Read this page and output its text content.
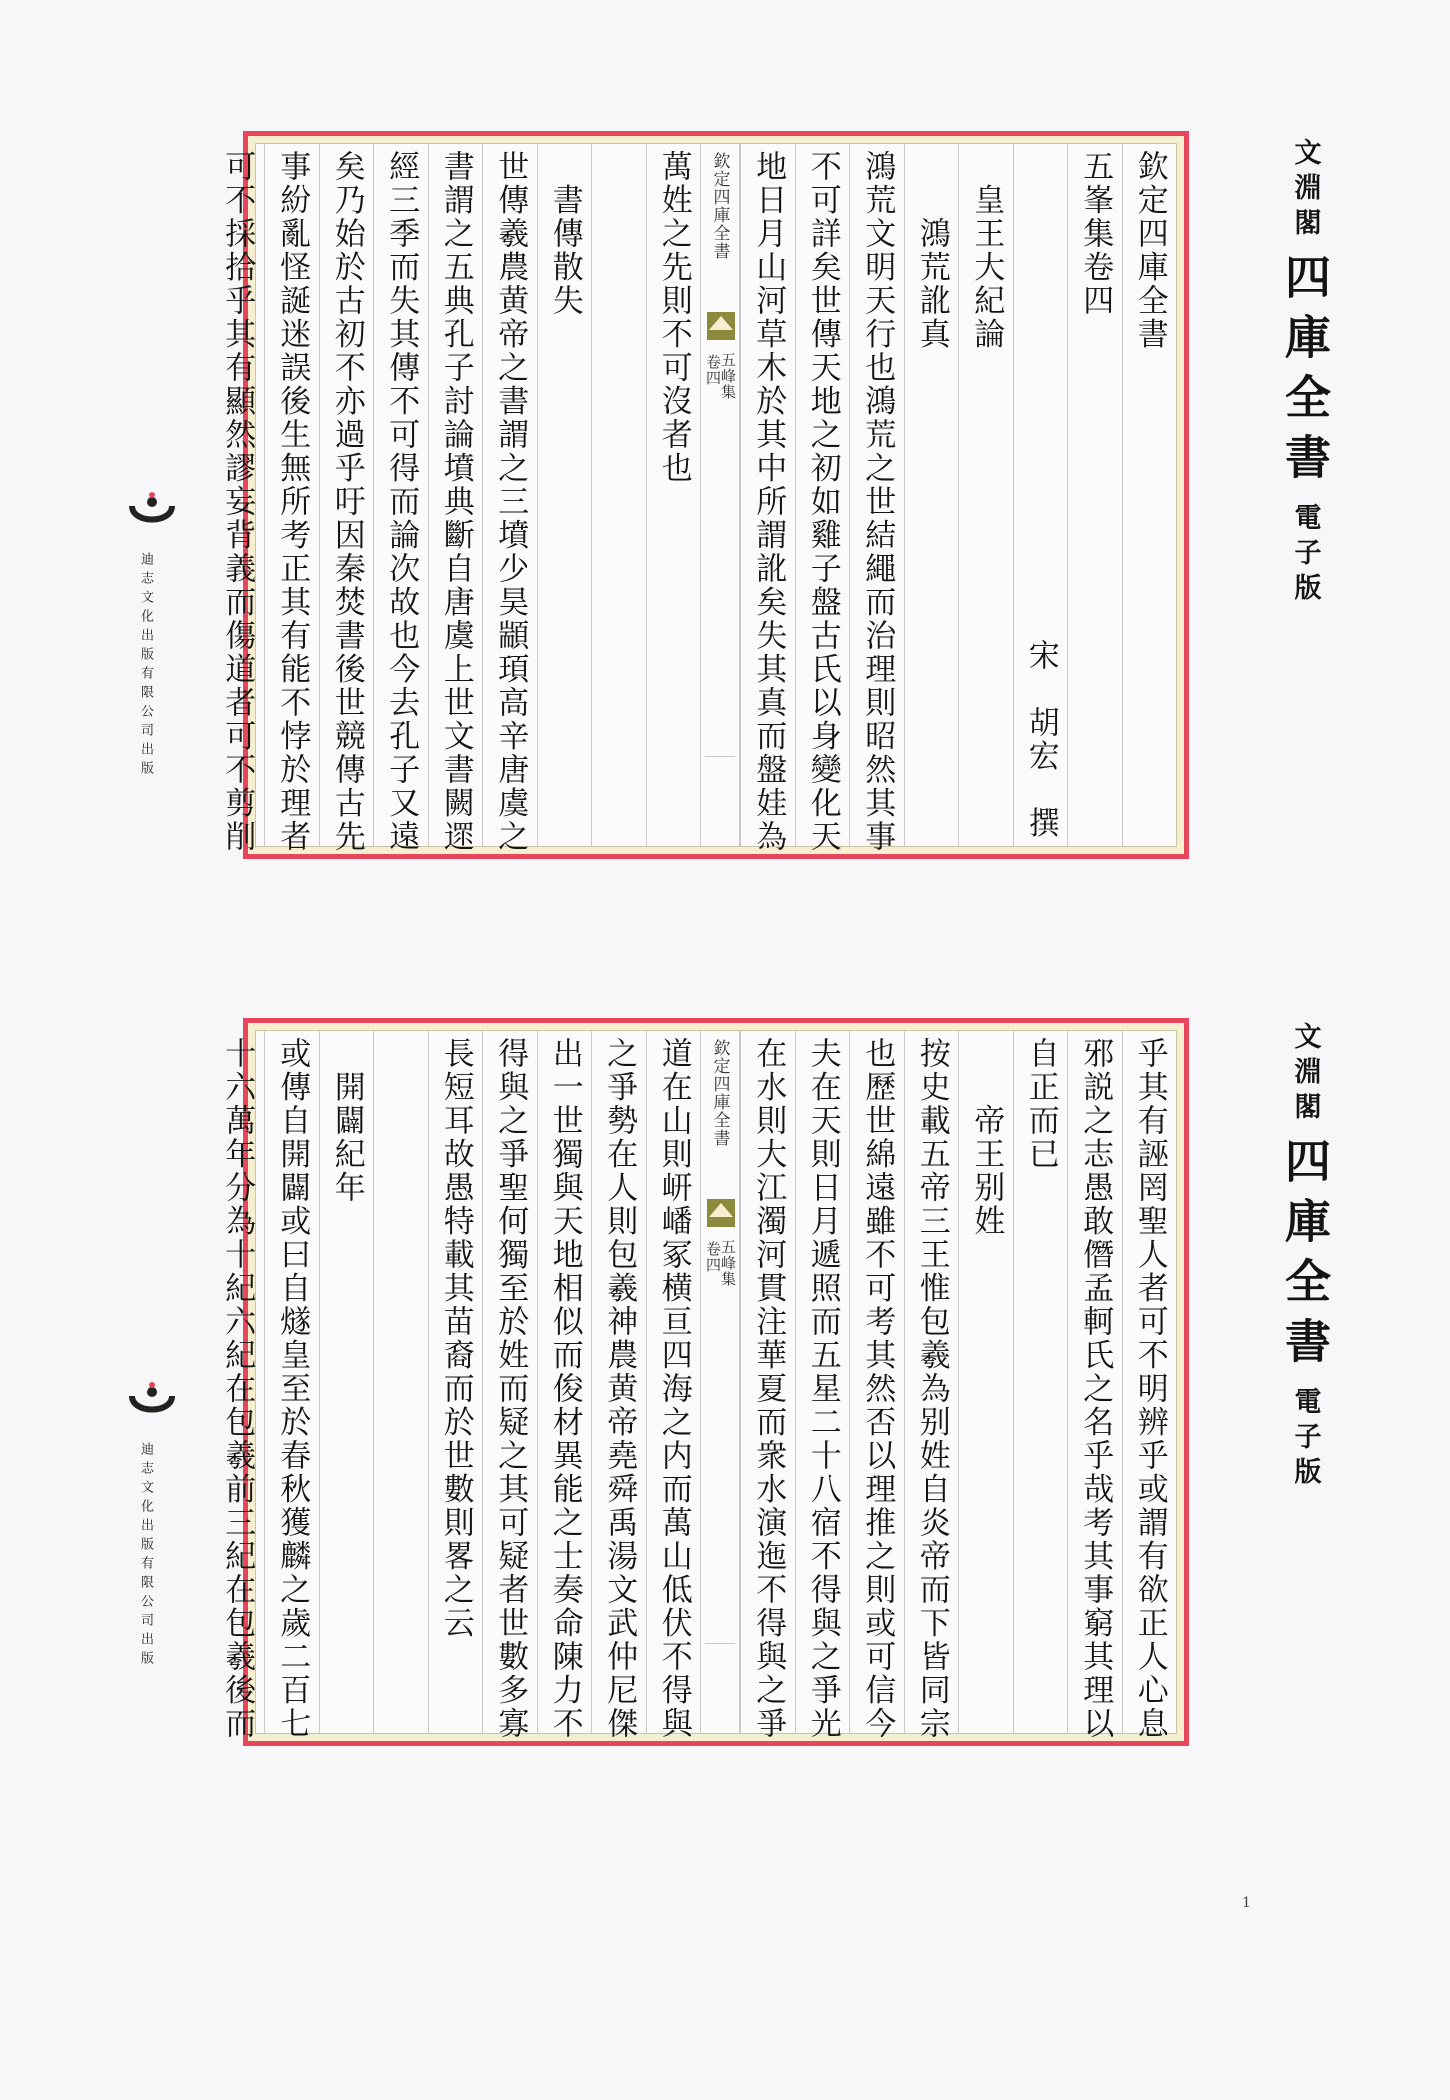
欽定四庫全書
五峯集卷四
宋　胡宏　撰
　皇王大紀論
　　鴻荒訛真
鴻荒文明天行也鴻荒之世結繩而治理則昭然其事
不可詳矣世傳天地之初如雞子盤古氏以身變化天
地日月山河草木於其中所謂訛矣失其真而盤娃為
欽定四庫全書
五峰集
卷四
萬姓之先則不可沒者也
　書傳散失
世傳羲農黄帝之書謂之三墳少昊顓頊高辛唐虞之
書謂之五典孔子討論墳典斷自唐虞上世文書闕遝
經三季而失其傳不可得而論次故也今去孔子又遠
矣乃始於古初不亦過乎吁因秦焚書後世競傳古先
事紛亂怪誕迷誤後生無所考正其有能不悖於理者
可不採拾乎其有顯然謬妄背義而傷道者可不剪削	文淵閣
四庫全書
電子版
迪志文化出版有限公司出版
乎其有誣罔聖人者可不明辨乎或謂有欲正人心息
邪説之志愚敢僭孟軻氏之名乎哉考其事窮其理以
自正而已
　　帝王别姓
按史載五帝三王惟包羲為别姓自炎帝而下皆同宗
也歷世綿遠雖不可考其然否以理推之則或可信今
夫在天則日月遞照而五星二十八宿不得與之爭光
在水則大江濁河貫注華夏而衆水演迤不得與之爭
欽定四庫全書
五峰集
卷四
道在山則岍嶓冢横亘四海之内而萬山低伏不得與
之爭勢在人則包羲神農黄帝堯舜禹湯文武仲尼傑
出一世獨與天地相似而俊材異能之士奏命陳力不
得與之爭聖何獨至於姓而疑之其可疑者世數多寡
長短耳故愚特載其苗裔而於世數則畧之云
　開闢紀年
或傳自開闢或曰自燧皇至於春秋獲麟之歲二百七
十六萬年分為十紀六紀在包羲前三紀在包羲後而	文淵閣
四庫全書
電子版
迪志文化出版有限公司出版
1
